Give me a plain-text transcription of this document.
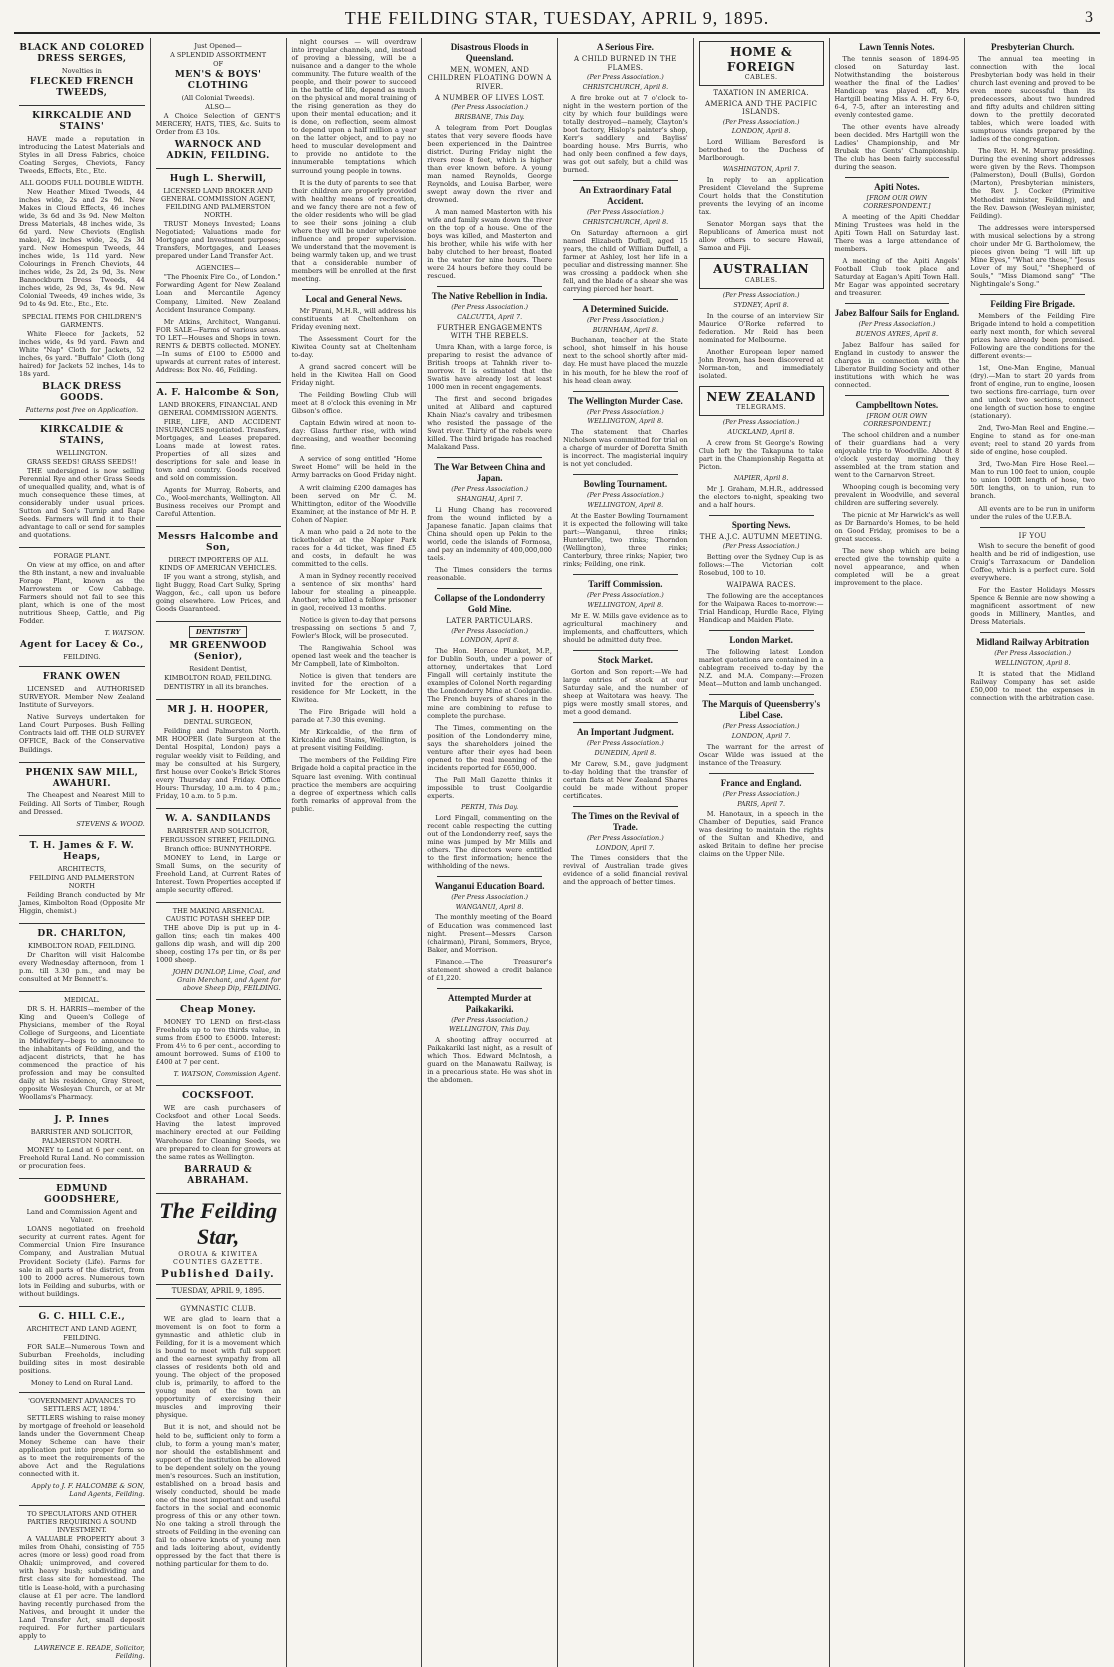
THE FEILDING STAR, TUESDAY, APRIL 9, 1895.	3
BLACK AND COLORED DRESS SERGES,
Novelties in
FLECKED FRENCH TWEEDS,
KIRKCALDIE AND STAINS'

HAVE made a reputation in introducing the Latest Materials and Styles in all Dress Fabrics, choice Coating Serges, Cheviots, Fancy Tweeds, Effects, Etc., Etc.

ALL GOODS FULL DOUBLE WIDTH.

New Heather Mixed Tweeds, 44 inches wide, 2s and 2s 9d. New Makes in Cloud Effects, 46 inches wide, 3s 6d and 3s 9d. New Melton Dress Materials, 48 inches wide, 3s 6d yard. New Cheviots (English make), 42 inches wide, 2s, 2s 3d yard. New Homespun Tweeds, 44 inches wide, 1s 11d yard. New Colourings in French Cheviots, 44 inches wide, 2s 2d, 2s 9d, 3s. New Bannockburn Dress Tweeds, 44 inches wide, 2s 9d, 3s, 4s 9d. New Colonial Tweeds, 49 inches wide, 3s 9d to 4s 9d. Etc., Etc., Etc.

SPECIAL ITEMS FOR CHILDREN'S GARMENTS.

White Fleece for Jackets, 52 inches wide, 4s 9d yard. Fawn and White "Nap" Cloth for Jackets, 52 inches, 6s yard. "Buffalo" Cloth (long haired) for Jackets 52 inches, 14s to 18s yard.

BLACK DRESS GOODS.
Patterns post free on Application.
KIRKCALDIE & STAINS,
WELLINGTON.
GRASS SEEDS! GRASS SEEDS!!

THE undersigned is now selling Perennial Rye and other Grass Seeds of unequalled quality, and, what is of much consequence these times, at considerably under usual prices. Sutton and Son's Turnip and Rape Seeds. Farmers will find it to their advantage to call or send for samples and quotations.

FORAGE PLANT.

On view at my office, on and after the 8th instant, a new and invaluable Forage Plant, known as the Marrowstem or Cow Cabbage. Farmers should not fail to see this plant, which is one of the most nutritious Sheep, Cattle, and Pig Fodder.

T. WATSON.
Agent for Lacey & Co.,
FEILDING.
FRANK OWEN

LICENSED and AUTHORISED SURVEYOR. Member New Zealand Institute of Surveyors.

Native Surveys undertaken for Land Court Purposes. Bush Felling Contracts laid off. THE OLD SURVEY OFFICE, Back of the Conservative Buildings.

PHŒNIX SAW MILL, AWAHURI.

The Cheapest and Nearest Mill to Feilding. All Sorts of Timber, Rough and Dressed.

STEVENS & WOOD.
T. H. James & F. W. Heaps,
ARCHITECTS,
FEILDING AND PALMERSTON NORTH

Feilding Branch conducted by Mr James, Kimbolton Road (Opposite Mr Higgin, chemist.)

DR. CHARLTON,
KIMBOLTON ROAD, FEILDING.

Dr Charlton will visit Halcombe every Wednesday afternoon, from 1 p.m. till 3.30 p.m., and may be consulted at Mr Bennett's.

MEDICAL.

DR S. H. HARRIS—member of the King and Queen's College of Physicians, member of the Royal College of Surgeons, and Licentiate in Midwifery—begs to announce to the inhabitants of Feilding, and the adjacent districts, that he has commenced the practice of his profession and may be consulted daily at his residence, Gray Street, opposite Wesleyan Church, or at Mr Woollams's Pharmacy.

J. P. Innes
BARRISTER AND SOLICITOR,
PALMERSTON NORTH.

MONEY to Lend at 6 per cent. on Freehold Rural Land. No commission or procuration fees.

EDMUND GOODSHERE,
Land and Commission Agent and Valuer.

LOANS negotiated on freehold security at current rates. Agent for Commercial Union Fire Insurance Company, and Australian Mutual Provident Society (Life). Farms for sale in all parts of the district, from 100 to 2000 acres. Numerous town lots in Feilding and suburbs, with or without buildings.

G. C. HILL C.E.,
ARCHITECT AND LAND AGENT,
FEILDING.

FOR SALE—Numerous Town and Suburban Freeholds, including building sites in most desirable positions.

Money to Lend on Rural Land.
'GOVERNMENT ADVANCES TO SETTLERS ACT, 1894.'

SETTLERS wishing to raise money by mortgage of freehold or leasehold lands under the Government Cheap Money Scheme can have their application put into proper form so as to meet the requirements of the above Act and the Regulations connected with it.

Apply to J. F. HALCOMBE & SON, Land Agents, Feilding.
TO SPECULATORS AND OTHER PARTIES REQUIRING A SOUND INVESTMENT.

A VALUABLE PROPERTY about 3 miles from Ohahi, consisting of 755 acres (more or less) good road from Ohakii; unimproved, and covered with heavy bush; subdividing and first class site for homestead. The title is Lease-hold, with a purchasing clause at £1 per acre. The landlord having recently purchased from the Natives, and brought it under the Land Transfer Act, small deposit required. For further particulars apply to

LAWRENCE E. READE, Solicitor, Feilding.
Just Opened—
A SPLENDID ASSORTMENT
OF
MEN'S & BOYS' CLOTHING
(All Colonial Tweeds).
ALSO—

A Choice Selection of GENT'S MERCERY, HATS, TIES, &c. Suits to Order from £3 10s.

WARNOCK AND ADKIN, FEILDING.
Hugh L. Sherwill,
LICENSED LAND BROKER AND GENERAL COMMISSION AGENT, FEILDING AND PALMERSTON NORTH.

TRUST Moneys Invested; Loans Negotiated; Valuations made for Mortgage and Investment purposes; Transfers, Mortgages, and Leases prepared under Land Transfer Act.

AGENCIES—

"The Phoenix Fire Co., of London." Forwarding Agent for New Zealand Loan and Mercantile Agency Company, Limited. New Zealand Accident Insurance Company.

Mr Atkins, Architect, Wanganui. FOR SALE—Farms of various areas. TO LET—Houses and Shops in town. RENTS & DEBTS collected. MONEY.—In sums of £100 to £5000 and upwards at current rates of interest. Address: Box No. 46, Feilding.

A. F. Halcombe & Son,
LAND BROKERS, FINANCIAL AND GENERAL COMMISSION AGENTS.

FIRE, LIFE, AND ACCIDENT INSURANCES negotiated. Transfers, Mortgages, and Leases prepared. Loans made at lowest rates. Properties of all sizes and descriptions for sale and lease in town and country. Goods received and sold on commission.

Agents for Murray, Roberts, and Co., Wool-merchants, Wellington. All Business receives our Prompt and Careful Attention.

Messrs Halcombe and Son,
DIRECT IMPORTERS OF ALL KINDS OF AMERICAN VEHICLES.

IF you want a strong, stylish, and light Buggy, Road Cart Sulky, Spring Waggon, &c., call upon us before going elsewhere. Low Prices, and Goods Guaranteed.

DENTISTRY
MR GREENWOOD (Senior),
Resident Dentist,
KIMBOLTON ROAD, FEILDING.

DENTISTRY in all its branches.

MR J. H. HOOPER,
DENTAL SURGEON,

Feilding and Palmerston North. MR HOOPER (late Surgeon at the Dental Hospital, London) pays a regular weekly visit to Feilding, and may be consulted at his Surgery, first house over Cooke's Brick Stores every Thursday and Friday. Office Hours: Thursday, 10 a.m. to 4 p.m.; Friday, 10 a.m. to 5 p.m.

W. A. SANDILANDS
BARRISTER AND SOLICITOR,
FERGUSSON STREET, FEILDING.
Branch office: BUNNYTHORPE.

MONEY to Lend, in Large or Small Sums, on the security of Freehold Land, at Current Rates of Interest. Town Properties accepted if ample security offered.

THE MAKING ARSENICAL CAUSTIC POTASH SHEEP DIP.

THE above Dip is put up in 4-gallon tins; each tin makes 400 gallons dip wash, and will dip 200 sheep, costing 17s per tin, or 8s per 1000 sheep.

JOHN DUNLOP, Lime, Coal, and Grain Merchant, and Agent for above Sheep Dip, FEILDING.
Cheap Money.

MONEY TO LEND on first-class Freeholds up to two thirds value, in sums from £500 to £5000. Interest: From 4½ to 6 per cent., according to amount borrowed. Sums of £100 to £400 at 7 per cent.

T. WATSON, Commission Agent.
COCKSFOOT.

WE are cash purchasers of Cocksfoot and other Local Seeds. Having the latest improved machinery erected at our Feilding Warehouse for Cleaning Seeds, we are prepared to clean for growers at the same rates as Wellington.

BARRAUD & ABRAHAM.
The Feilding Star,
OROUA & KIWITEA COUNTIES GAZETTE.
Published Daily.
TUESDAY, APRIL 9, 1895.
GYMNASTIC CLUB.

WE are glad to learn that a movement is on foot to form a gymnastic and athletic club in Feilding, for it is a movement which is bound to meet with full support and the earnest sympathy from all classes of residents both old and young. The object of the proposed club is, primarily, to afford to the young men of the town an opportunity of exercising their muscles and improving their physique.

But it is not, and should not be held to be, sufficient only to form a club, to form a young man's mater, nor should the establishment and support of the institution be allowed to be dependent solely on the young men's resources. Such an institution, established on a broad basis and wisely conducted, should be made one of the most important and useful factors in the social and economic progress of this or any other town. No one taking a stroll through the streets of Feilding in the evening can fail to observe knots of young men and lads loitering about, evidently oppressed by the fact that there is nothing particular for them to do.

night courses — will overdraw into irregular channels, and, instead of proving a blessing, will be a nuisance and a danger to the whole community. The future wealth of the people, and their power to succeed in the battle of life, depend as much on the physical and moral training of the rising generation as they do upon their mental education; and it is done, on reflection, seem almost to depend upon a half million a year on the latter object, and to pay no heed to muscular development and to provide no antidote to the innumerable temptations which surround young people in towns.

It is the duty of parents to see that their children are properly provided with healthy means of recreation, and we fancy there are not a few of the older residents who will be glad to see their sons joining a club where they will be under wholesome influence and proper supervision. We understand that the movement is being warmly taken up, and we trust that a considerable number of members will be enrolled at the first meeting.

Local and General News.

Mr Pirani, M.H.R., will address his constituents at Cheltenham on Friday evening next.

The Assessment Court for the Kiwitea County sat at Cheltenham to-day.

A grand sacred concert will be held in the Kiwitea Hall on Good Friday night.

The Feilding Bowling Club will meet at 8 o'clock this evening in Mr Gibson's office.

Captain Edwin wired at noon to-day: Glass further rise, with wind decreasing, and weather becoming fine.

A service of song entitled "Home Sweet Home" will be held in the Army barracks on Good Friday night.

A writ claiming £200 damages has been served on Mr C. M. Whittington, editor of the Woodville Examiner, at the instance of Mr H. P. Cohen of Napier.

A man who paid a 2d note to the ticketholder at the Napier Park races for a 4d ticket, was fined £5 and costs, in default he was committed to the cells.

A man in Sydney recently received a sentence of six months' hard labour for stealing a pineapple. Another, who killed a fellow prisoner in gaol, received 13 months.

Notice is given to-day that persons trespassing on sections 5 and 7, Fowler's Block, will be prosecuted.

The Rangiwahia School was opened last week and the teacher is Mr Campbell, late of Kimbolton.

Notice is given that tenders are invited for the erection of a residence for Mr Lockett, in the Kiwitea.

The Fire Brigade will hold a parade at 7.30 this evening.

Mr Kirkcaldie, of the firm of Kirkcaldie and Stains, Wellington, is at present visiting Feilding.

The members of the Feilding Fire Brigade hold a capital practice in the Square last evening. With continual practice the members are acquiring a degree of expertness which calls forth remarks of approval from the public.

Disastrous Floods in Queensland.
MEN, WOMEN, AND CHILDREN FLOATING DOWN A RIVER.
A NUMBER OF LIVES LOST.
(Per Press Association.)
BRISBANE, This Day.

A telegram from Port Douglas states that very severe floods have been experienced in the Daintree district. During Friday night the rivers rose 8 feet, which is higher than ever known before. A young man named Reynolds, George Reynolds, and Louisa Barber, were swept away down the river and drowned.

A man named Masterton with his wife and family swam down the river on the top of a house. One of the boys was killed, and Masterton and his brother, while his wife with her baby clutched to her breast, floated in the water for nine hours. There were 24 hours before they could be rescued.

The Native Rebellion in India.
(Per Press Association.)
CALCUTTA, April 7.
FURTHER ENGAGEMENTS WITH THE REBELS.

Umra Khan, with a large force, is preparing to resist the advance of British troops at Tahnkh river to-morrow. It is estimated that the Swatis have already lost at least 1000 men in recent engagements.

The first and second brigades united at Alibard and captured Khain Niaz's cavalry and tribesmen who resisted the passage of the Swat river. Thirty of the rebels were killed. The third brigade has reached Malakand Pass.

The War Between China and Japan.
(Per Press Association.)
SHANGHAI, April 7.

Li Hung Chang has recovered from the wound inflicted by a Japanese fanatic. Japan claims that China should open up Pekin to the world, cede the islands of Formosa, and pay an indemnity of 400,000,000 taels.

The Times considers the terms reasonable.

Collapse of the Londonderry Gold Mine.
LATER PARTICULARS.
(Per Press Association.)
LONDON, April 8.

The Hon. Horace Plunket, M.P., for Dublin South, under a power of attorney, undertakes that Lord Fingall will certainly institute the examples of Colonel North regarding the Londonderry Mine at Coolgardie. The French buyers of shares in the mine are combining to refuse to complete the purchase.

The Times, commenting on the position of the Londonderry mine, says the shareholders joined the venture after their eyes had been opened to the real meaning of the incidents reported for £650,000.

The Pall Mall Gazette thinks it impossible to trust Coolgardie experts.

PERTH, This Day.

Lord Fingall, commenting on the recent cable respecting the cutting out of the Londonderry reef, says the mine was jumped by Mr Mills and others. The directors were entitled to the first information; hence the withholding of the news.

Wanganui Education Board.
(Per Press Association.)
WANGANUI, April 8.

The monthly meeting of the Board of Education was commenced last night. Present—Messrs Carson (chairman), Pirani, Sommers, Bryce, Baker, and Morrison.

Finance.—The Treasurer's statement showed a credit balance of £1,220.

Attempted Murder at Paikakariki.
(Per Press Association.)
WELLINGTON, This Day.

A shooting affray occurred at Paikakariki last night, as a result of which Thos. Edward McIntosh, a guard on the Manawatu Railway, is in a precarious state. He was shot in the abdomen.

A Serious Fire.
A CHILD BURNED IN THE FLAMES.
(Per Press Association.)
CHRISTCHURCH, April 8.

A fire broke out at 7 o'clock to-night in the western portion of the city by which four buildings were totally destroyed—namely, Clayton's boot factory, Hislop's painter's shop, Kerr's saddlery and Bayliss' boarding house. Mrs Burris, who had only been confined a few days, was got out safely, but a child was burned.

An Extraordinary Fatal Accident.
(Per Press Association.)
CHRISTCHURCH, April 8.

On Saturday afternoon a girl named Elizabeth Duffell, aged 15 years, the child of William Duffell, a farmer at Ashley, lost her life in a peculiar and distressing manner. She was crossing a paddock when she fell, and the blade of a shear she was carrying pierced her heart.

A Determined Suicide.
(Per Press Association.)
BURNHAM, April 8.

Buchanan, teacher at the State school, shot himself in his house next to the school shortly after mid-day. He must have placed the muzzle in his mouth, for he blew the roof of his head clean away.

The Wellington Murder Case.
(Per Press Association.)
WELLINGTON, April 8.

The statement that Charles Nicholson was committed for trial on a charge of murder of Doretta Smith is incorrect. The magisterial inquiry is not yet concluded.

Bowling Tournament.
(Per Press Association.)
WELLINGTON, April 8.

At the Easter Bowling Tournament it is expected the following will take part:—Wanganui, three rinks; Hunterville, two rinks; Thorndon (Wellington), three rinks; Canterbury, three rinks; Napier, two rinks; Feilding, one rink.

Tariff Commission.
(Per Press Association.)
WELLINGTON, April 8.

Mr E. W. Mills gave evidence as to agricultural machinery and implements, and chaffcutters, which should be admitted duty free.

Stock Market.

Gorton and Son report:—We had large entries of stock at our Saturday sale, and the number of sheep at Waitotara was heavy. The pigs were mostly small stores, and met a good demand.

An Important Judgment.
(Per Press Association.)
DUNEDIN, April 8.

Mr Carew, S.M., gave judgment to-day holding that the transfer of certain flats at New Zealand Shares could be made without proper certificates.

The Times on the Revival of Trade.
(Per Press Association.)
LONDON, April 7.

The Times considers that the revival of Australian trade gives evidence of a solid financial revival and the approach of better times.

HOME & FOREIGN
CABLES.
TAXATION IN AMERICA.
AMERICA AND THE PACIFIC ISLANDS.
(Per Press Association.)
LONDON, April 8.

Lord William Beresford is betrothed to the Duchess of Marlborough.

WASHINGTON, April 7.

In reply to an application President Cleveland the Supreme Court holds that the Constitution prevents the levying of an income tax.

Senator Morgan says that the Republicans of America must not allow others to secure Hawaii, Samoa and Fiji.

AUSTRALIAN
CABLES.
(Per Press Association.)
SYDNEY, April 8.

In the course of an interview Sir Maurice O'Rorke referred to federation. Mr Reid has been nominated for Melbourne.

Another European leper named John Brown, has been discovered at Norman-ton, and immediately isolated.

NEW ZEALAND
TELEGRAMS.
(Per Press Association.)
AUCKLAND, April 8.

A crew from St George's Rowing Club left by the Takapuna to take part in the Championship Regatta at Picton.

NAPIER, April 8.

Mr J. Graham, M.H.R., addressed the electors to-night, speaking two and a half hours.

Sporting News.
THE A.J.C. AUTUMN MEETING.
(Per Press Association.)

Betting over the Sydney Cup is as follows:—The Victorian colt Rosebud, 100 to 10.

WAIPAWA RACES.

The following are the acceptances for the Waipawa Races to-morrow:—Trial Handicap, Hurdle Race, Flying Handicap and Maiden Plate.

London Market.

The following latest London market quotations are contained in a cablegram received to-day by the N.Z. and M.A. Company:—Frozen Meat—Mutton and lamb unchanged.

The Marquis of Queensberry's Libel Case.
(Per Press Association.)
LONDON, April 7.

The warrant for the arrest of Oscar Wilde was issued at the instance of the Treasury.

France and England.
(Per Press Association.)
PARIS, April 7.

M. Hanotaux, in a speech in the Chamber of Deputies, said France was desiring to maintain the rights of the Sultan and Khedive, and asked Britain to define her precise claims on the Upper Nile.

Lawn Tennis Notes.

The tennis season of 1894-95 closed on Saturday last. Notwithstanding the boisterous weather the final of the Ladies' Handicap was played off, Mrs Hartgill beating Miss A. H. Fry 6-0, 6-4, 7-5, after an interesting and evenly contested game.

The other events have already been decided. Mrs Hartgill won the Ladies' Championship, and Mr Brubak the Gents' Championship. The club has been fairly successful during the season.

Apiti Notes.
[FROM OUR OWN CORRESPONDENT.]

A meeting of the Apiti Cheddar Mining Trustees was held in the Apiti Town Hall on Saturday last. There was a large attendance of members.

A meeting of the Apiti Angels' Football Club took place and Saturday at Eagan's Apiti Town Hall. Mr Eagar was appointed secretary and treasurer.

Jabez Balfour Sails for England.
(Per Press Association.)
BUENOS AYRES, April 8.

Jabez Balfour has sailed for England in custody to answer the charges in connection with the Liberator Building Society and other institutions with which he was connected.

Campbelltown Notes.
[FROM OUR OWN CORRESPONDENT.]

The school children and a number of their guardians had a very enjoyable trip to Woodville. About 8 o'clock yesterday morning they assembled at the tram station and went to the Carnarvon Street.

Whooping cough is becoming very prevalent in Woodville, and several children are suffering severely.

The picnic at Mr Harwick's as well as Dr Barnardo's Homes, to be held on Good Friday, promises to be a great success.

The new shop which are being erected give the township quite a novel appearance, and when completed will be a great improvement to the place.

Presbyterian Church.

The annual tea meeting in connection with the local Presbyterian body was held in their church last evening and proved to be even more successful than its predecessors, about two hundred and fifty adults and children sitting down to the prettily decorated tables, which were loaded with sumptuous viands prepared by the ladies of the congregation.

The Rev. H. M. Murray presiding. During the evening short addresses were given by the Revs. Thompson (Palmerston), Doull (Bulls), Gordon (Marton), Presbyterian ministers, the Rev. J. Cocker (Primitive Methodist minister, Feilding), and the Rev. Dawson (Wesleyan minister, Feilding).

The addresses were interspersed with musical selections by a strong choir under Mr G. Bartholomew, the pieces given being "I will lift up Mine Eyes," "What are these," "Jesus Lover of my Soul," "Shepherd of Souls," "Miss Diamond sang" "The Nightingale's Song."

Feilding Fire Brigade.

Members of the Feilding Fire Brigade intend to hold a competition early next month, for which several prizes have already been promised. Following are the conditions for the different events:—

1st, One-Man Engine, Manual (dry).—Man to start 20 yards from front of engine, run to engine, loosen two sections fire-carriage, turn over and unlock two sections, connect one length of suction hose to engine (stationary).

2nd, Two-Man Reel and Engine.—Engine to stand as for one-man event; reel to stand 20 yards from side of engine, hose coupled.

3rd, Two-Man Fire Hose Reel.—Man to run 100 feet to union, couple to union 100ft length of hose, two 50ft lengths, on to union, run to branch.

All events are to be run in uniform under the rules of the U.F.B.A.

IF YOU

Wish to secure the benefit of good health and be rid of indigestion, use Craig's Tarraxacum or Dandelion Coffee, which is a perfect cure. Sold everywhere.

For the Easter Holidays Messrs Spence & Bennie are now showing a magnificent assortment of new goods in Millinery, Mantles, and Dress Materials.

Midland Railway Arbitration
(Per Press Association.)
WELLINGTON, April 8.

It is stated that the Midland Railway Company has set aside £50,000 to meet the expenses in connection with the arbitration case.
